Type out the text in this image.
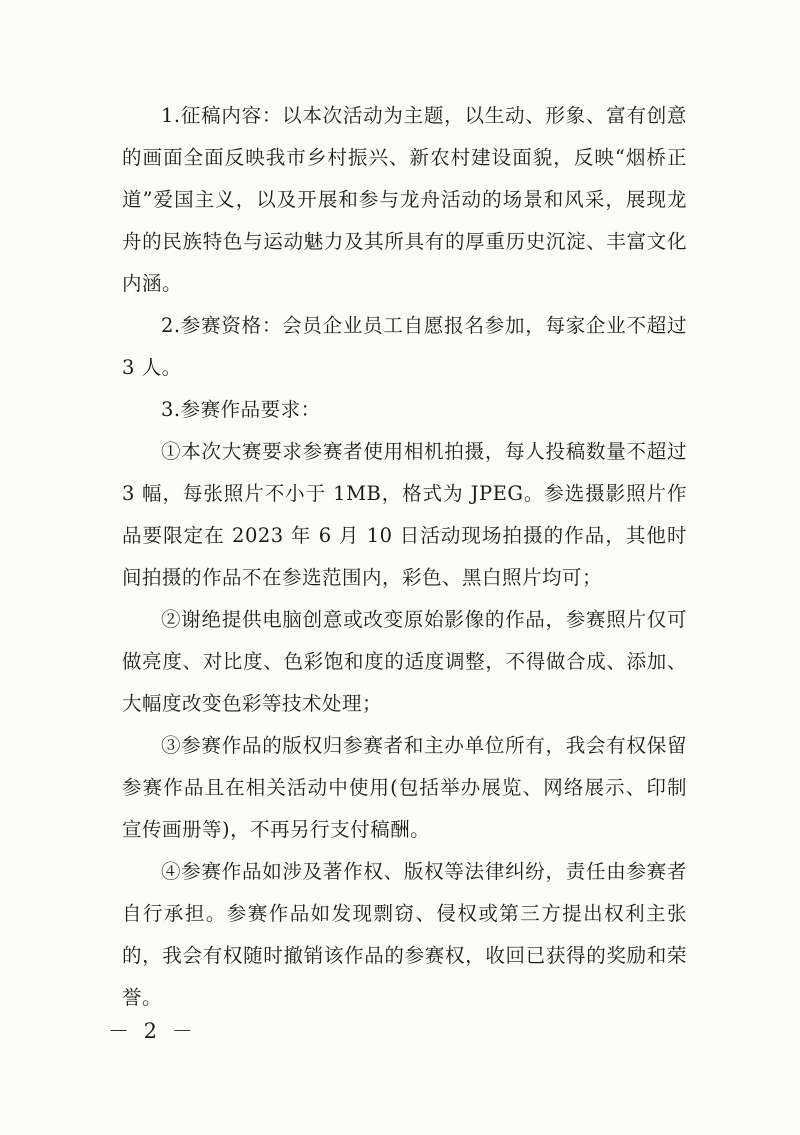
1.征稿内容：以本次活动为主题，以生动、形象、富有创意的画面全面反映我市乡村振兴、新农村建设面貌，反映“烟桥正道”爱国主义，以及开展和参与龙舟活动的场景和风采，展现龙舟的民族特色与运动魅力及其所具有的厚重历史沉淀、丰富文化内涵。

2.参赛资格：会员企业员工自愿报名参加，每家企业不超过 3 人。

3.参赛作品要求：

①本次大赛要求参赛者使用相机拍摄，每人投稿数量不超过 3 幅，每张照片不小于 1MB，格式为 JPEG。参选摄影照片作品要限定在 2023 年 6 月 10 日活动现场拍摄的作品，其他时间拍摄的作品不在参选范围内，彩色、黑白照片均可；

②谢绝提供电脑创意或改变原始影像的作品，参赛照片仅可做亮度、对比度、色彩饱和度的适度调整，不得做合成、添加、大幅度改变色彩等技术处理；

③参赛作品的版权归参赛者和主办单位所有，我会有权保留参赛作品且在相关活动中使用(包括举办展览、网络展示、印制宣传画册等)，不再另行支付稿酬。

④参赛作品如涉及著作权、版权等法律纠纷，责任由参赛者自行承担。参赛作品如发现剽窃、侵权或第三方提出权利主张的，我会有权随时撤销该作品的参赛权，收回已获得的奖励和荣誉。

－ 2 －
